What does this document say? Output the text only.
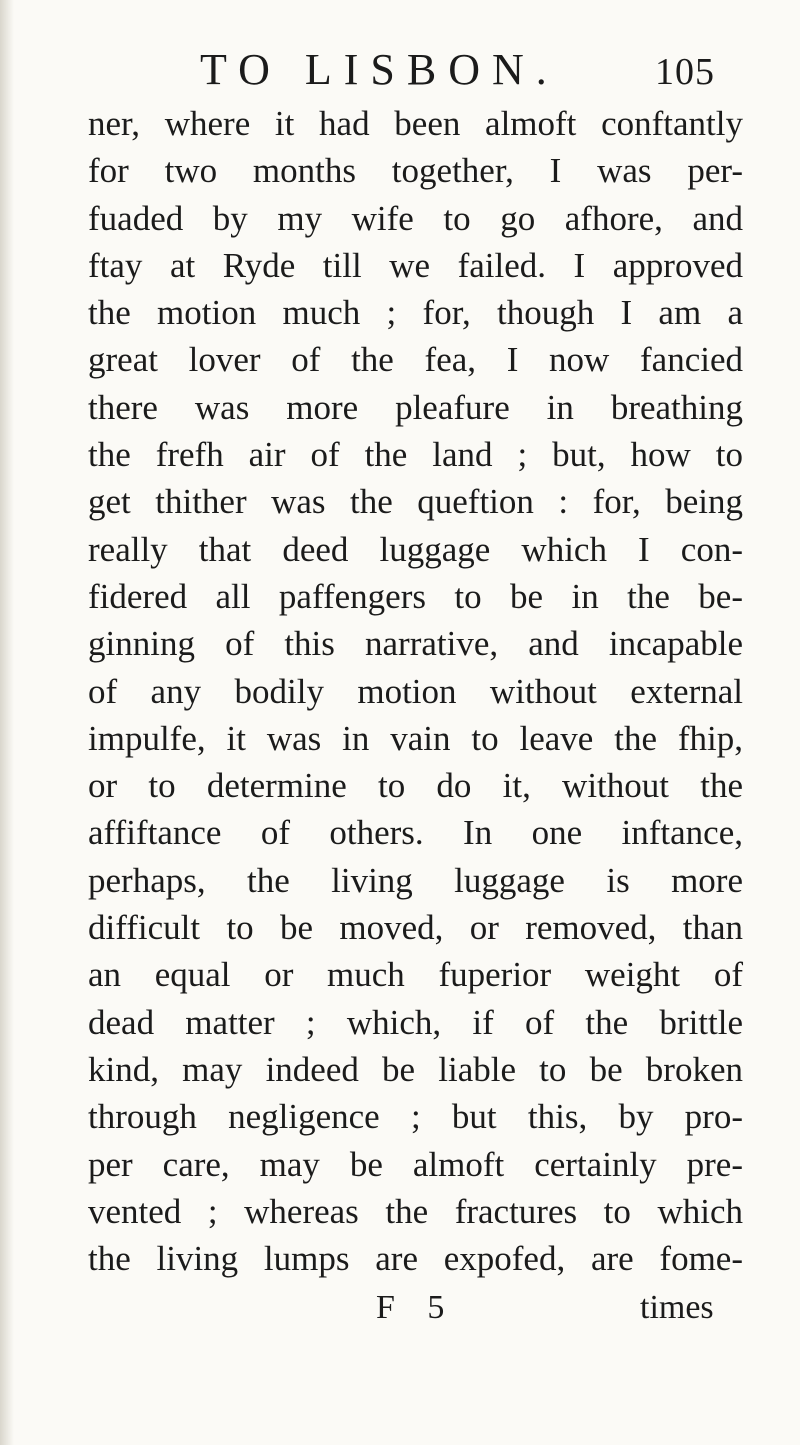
TO LISBON.	105
ner, where it had been almoft conftantly
for two months together, I was per-
fuaded by my wife to go afhore, and
ftay at Ryde till we failed. I approved
the motion much ; for, though I am a
great lover of the fea, I now fancied
there was more pleafure in breathing
the frefh air of the land ; but, how to
get thither was the queftion : for, being
really that deed luggage which I con-
fidered all paffengers to be in the be-
ginning of this narrative, and incapable
of any bodily motion without external
impulfe, it was in vain to leave the fhip,
or to determine to do it, without the
affiftance of others. In one inftance,
perhaps, the living luggage is more
difficult to be moved, or removed, than
an equal or much fuperior weight of
dead matter ; which, if of the brittle
kind, may indeed be liable to be broken
through negligence ; but this, by pro-
per care, may be almoft certainly pre-
vented ; whereas the fractures to which
the living lumps are expofed, are fome-
F 5	times
